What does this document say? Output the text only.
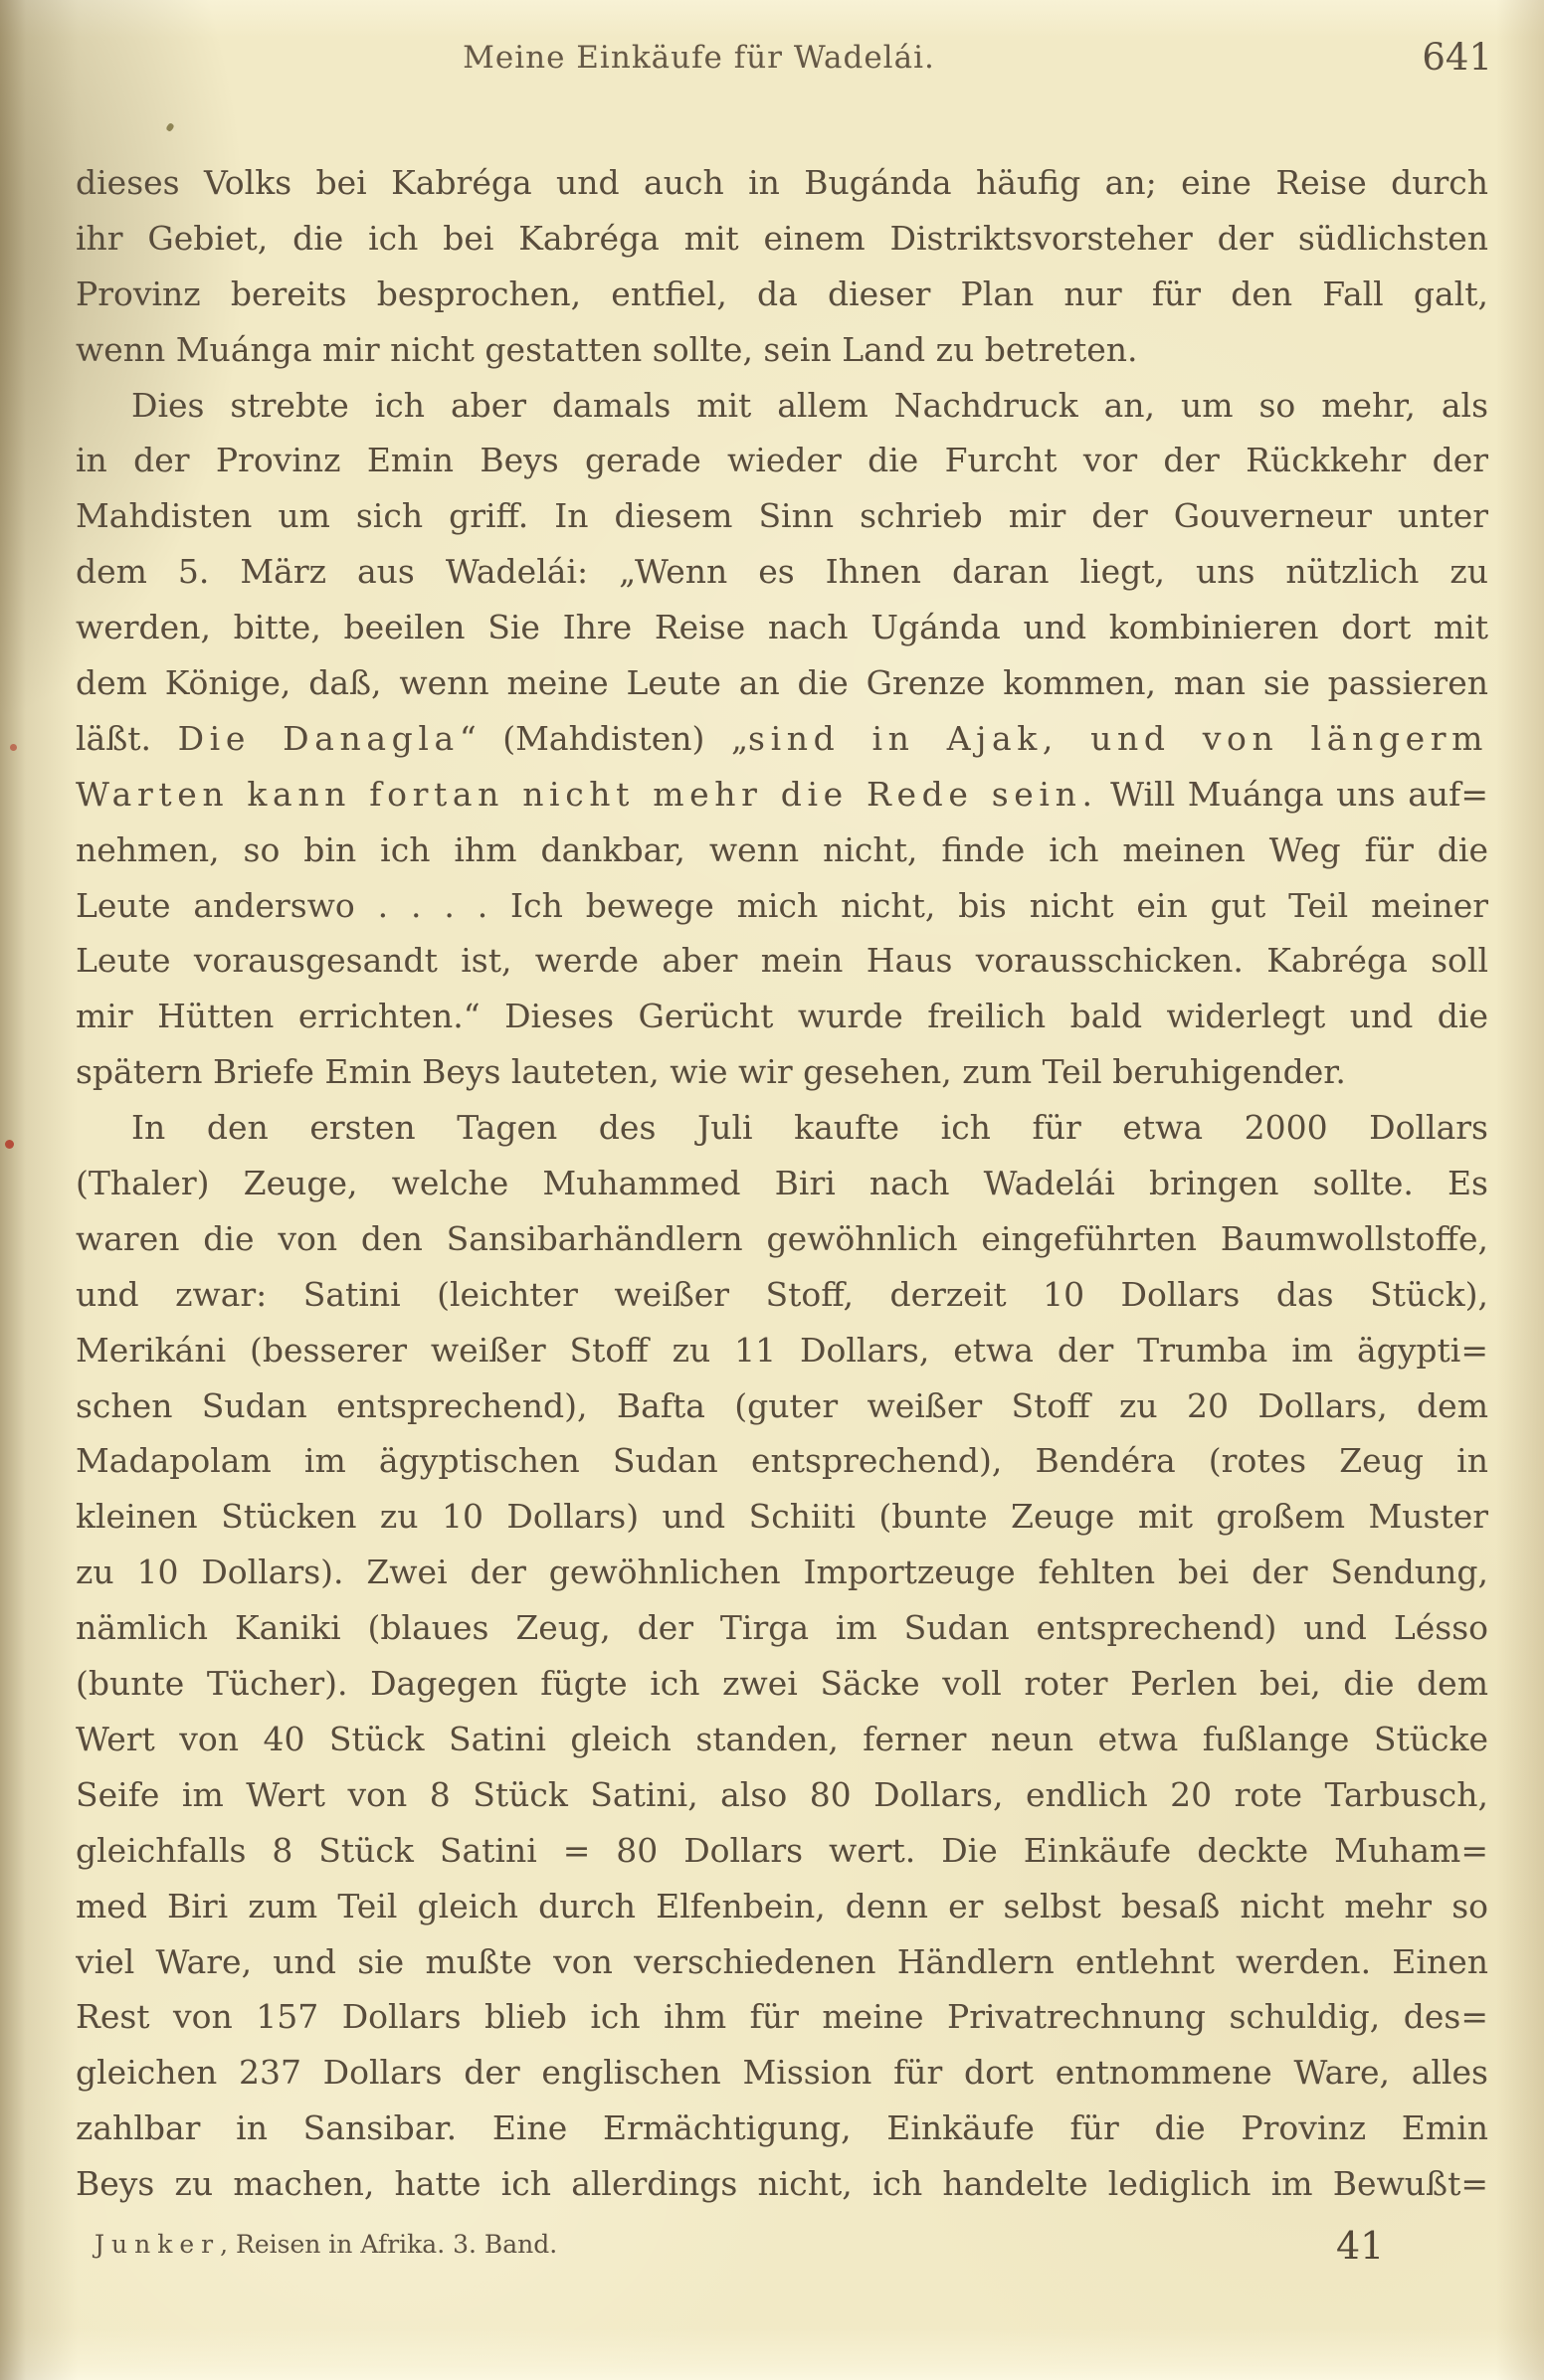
Meine Einkäufe für Wadelái.	641
dieses Volks bei Kabréga und auch in Bugánda häufig an; eine Reise durch
ihr Gebiet, die ich bei Kabréga mit einem Distriktsvorsteher der südlichsten
Provinz bereits besprochen, entfiel, da dieser Plan nur für den Fall galt,
wenn Muánga mir nicht gestatten sollte, sein Land zu betreten.
Dies strebte ich aber damals mit allem Nachdruck an, um so mehr, als
in der Provinz Emin Beys gerade wieder die Furcht vor der Rückkehr der
Mahdisten um sich griff. In diesem Sinn schrieb mir der Gouverneur unter
dem 5. März aus Wadelái: „Wenn es Ihnen daran liegt, uns nützlich zu
werden, bitte, beeilen Sie Ihre Reise nach Ugánda und kombinieren dort mit
dem Könige, daß, wenn meine Leute an die Grenze kommen, man sie passieren
läßt. Die Danagla“ (Mahdisten) „sind in Ajak, und von längerm
Warten kann fortan nicht mehr die Rede sein. Will Muánga uns auf=
nehmen, so bin ich ihm dankbar, wenn nicht, finde ich meinen Weg für die
Leute anderswo . . . . Ich bewege mich nicht, bis nicht ein gut Teil meiner
Leute vorausgesandt ist, werde aber mein Haus vorausschicken. Kabréga soll
mir Hütten errichten.“ Dieses Gerücht wurde freilich bald widerlegt und die
spätern Briefe Emin Beys lauteten, wie wir gesehen, zum Teil beruhigender.
In den ersten Tagen des Juli kaufte ich für etwa 2000 Dollars
(Thaler) Zeuge, welche Muhammed Biri nach Wadelái bringen sollte. Es
waren die von den Sansibarhändlern gewöhnlich eingeführten Baumwollstoffe,
und zwar: Satini (leichter weißer Stoff, derzeit 10 Dollars das Stück),
Merikáni (besserer weißer Stoff zu 11 Dollars, etwa der Trumba im ägypti=
schen Sudan entsprechend), Bafta (guter weißer Stoff zu 20 Dollars, dem
Madapolam im ägyptischen Sudan entsprechend), Bendéra (rotes Zeug in
kleinen Stücken zu 10 Dollars) und Schiiti (bunte Zeuge mit großem Muster
zu 10 Dollars). Zwei der gewöhnlichen Importzeuge fehlten bei der Sendung,
nämlich Kaniki (blaues Zeug, der Tirga im Sudan entsprechend) und Lésso
(bunte Tücher). Dagegen fügte ich zwei Säcke voll roter Perlen bei, die dem
Wert von 40 Stück Satini gleich standen, ferner neun etwa fußlange Stücke
Seife im Wert von 8 Stück Satini, also 80 Dollars, endlich 20 rote Tarbusch,
gleichfalls 8 Stück Satini = 80 Dollars wert. Die Einkäufe deckte Muham=
med Biri zum Teil gleich durch Elfenbein, denn er selbst besaß nicht mehr so
viel Ware, und sie mußte von verschiedenen Händlern entlehnt werden. Einen
Rest von 157 Dollars blieb ich ihm für meine Privatrechnung schuldig, des=
gleichen 237 Dollars der englischen Mission für dort entnommene Ware, alles
zahlbar in Sansibar. Eine Ermächtigung, Einkäufe für die Provinz Emin
Beys zu machen, hatte ich allerdings nicht, ich handelte lediglich im Bewußt=
Junker, Reisen in Afrika. 3. Band.	41
